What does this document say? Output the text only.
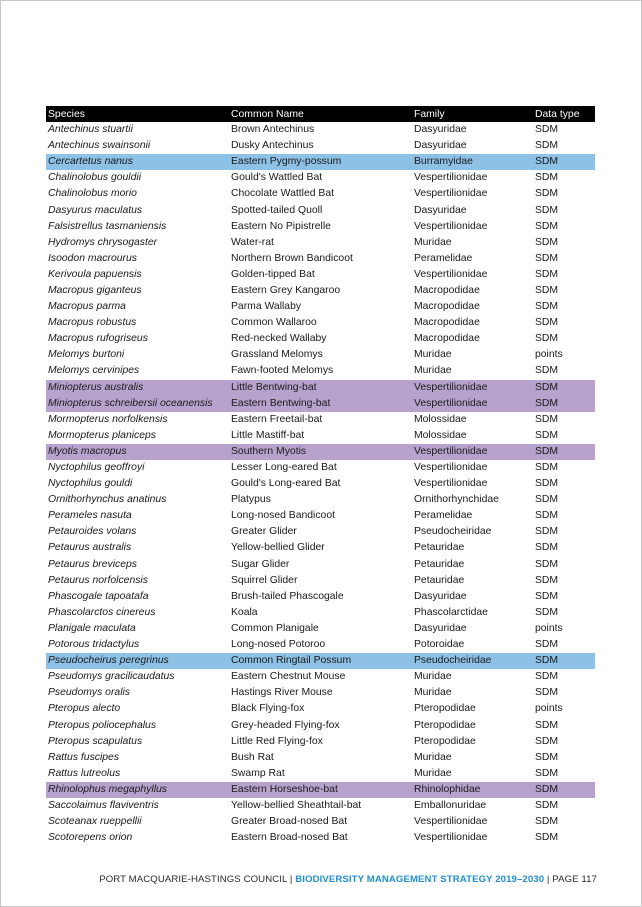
Species	Common Name	Family	Data type
Antechinus stuartii	Brown Antechinus	Dasyuridae	SDM
Antechinus swainsonii	Dusky Antechinus	Dasyuridae	SDM
Cercartetus nanus	Eastern Pygmy-possum	Burramyidae	SDM
Chalinolobus gouldii	Gould's Wattled Bat	Vespertilionidae	SDM
Chalinolobus morio	Chocolate Wattled Bat	Vespertilionidae	SDM
Dasyurus maculatus	Spotted-tailed Quoll	Dasyuridae	SDM
Falsistrellus tasmaniensis	Eastern No Pipistrelle	Vespertilionidae	SDM
Hydromys chrysogaster	Water-rat	Muridae	SDM
Isoodon macrourus	Northern Brown Bandicoot	Peramelidae	SDM
Kerivoula papuensis	Golden-tipped Bat	Vespertilionidae	SDM
Macropus giganteus	Eastern Grey Kangaroo	Macropodidae	SDM
Macropus parma	Parma Wallaby	Macropodidae	SDM
Macropus robustus	Common Wallaroo	Macropodidae	SDM
Macropus rufogriseus	Red-necked Wallaby	Macropodidae	SDM
Melomys burtoni	Grassland Melomys	Muridae	points
Melomys cervinipes	Fawn-footed Melomys	Muridae	SDM
Miniopterus australis	Little Bentwing-bat	Vespertilionidae	SDM
Miniopterus schreibersii oceanensis	Eastern Bentwing-bat	Vespertilionidae	SDM
Mormopterus norfolkensis	Eastern Freetail-bat	Molossidae	SDM
Mormopterus planiceps	Little Mastiff-bat	Molossidae	SDM
Myotis macropus	Southern Myotis	Vespertilionidae	SDM
Nyctophilus geoffroyi	Lesser Long-eared Bat	Vespertilionidae	SDM
Nyctophilus gouldi	Gould's Long-eared Bat	Vespertilionidae	SDM
Ornithorhynchus anatinus	Platypus	Ornithorhynchidae	SDM
Perameles nasuta	Long-nosed Bandicoot	Peramelidae	SDM
Petauroides volans	Greater Glider	Pseudocheiridae	SDM
Petaurus australis	Yellow-bellied Glider	Petauridae	SDM
Petaurus breviceps	Sugar Glider	Petauridae	SDM
Petaurus norfolcensis	Squirrel Glider	Petauridae	SDM
Phascogale tapoatafa	Brush-tailed Phascogale	Dasyuridae	SDM
Phascolarctos cinereus	Koala	Phascolarctidae	SDM
Planigale maculata	Common Planigale	Dasyuridae	points
Potorous tridactylus	Long-nosed Potoroo	Potoroidae	SDM
Pseudocheirus peregrinus	Common Ringtail Possum	Pseudocheiridae	SDM
Pseudomys gracilicaudatus	Eastern Chestnut Mouse	Muridae	SDM
Pseudomys oralis	Hastings River Mouse	Muridae	SDM
Pteropus alecto	Black Flying-fox	Pteropodidae	points
Pteropus poliocephalus	Grey-headed Flying-fox	Pteropodidae	SDM
Pteropus scapulatus	Little Red Flying-fox	Pteropodidae	SDM
Rattus fuscipes	Bush Rat	Muridae	SDM
Rattus lutreolus	Swamp Rat	Muridae	SDM
Rhinolophus megaphyllus	Eastern Horseshoe-bat	Rhinolophidae	SDM
Saccolaimus flaviventris	Yellow-bellied Sheathtail-bat	Emballonuridae	SDM
Scoteanax rueppellii	Greater Broad-nosed Bat	Vespertilionidae	SDM
Scotorepens orion	Eastern Broad-nosed Bat	Vespertilionidae	SDM
PORT MACQUARIE-HASTINGS COUNCIL | BIODIVERSITY MANAGEMENT STRATEGY 2019–2030 | PAGE 117
